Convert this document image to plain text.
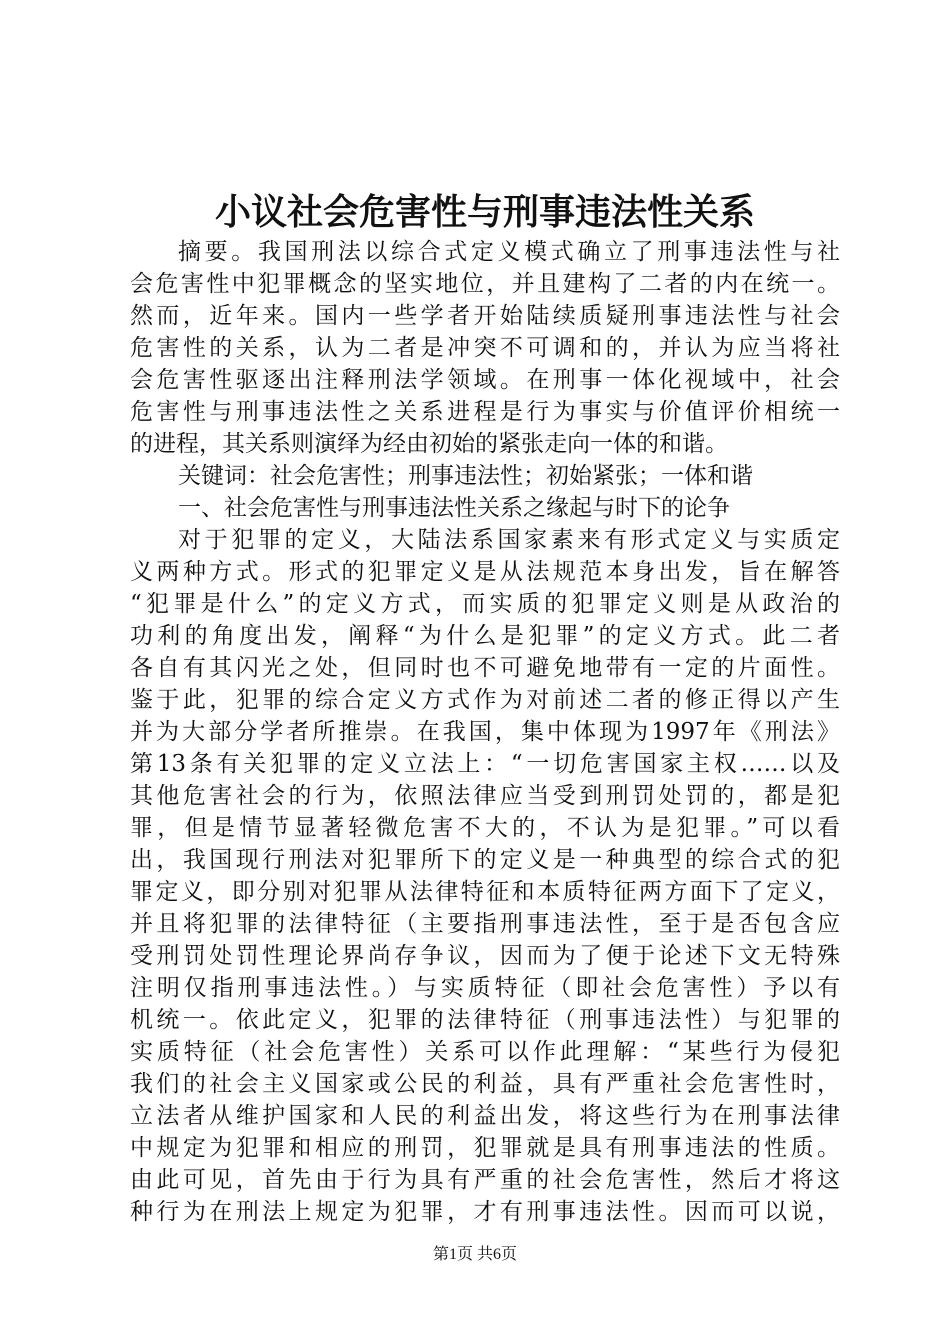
小议社会危害性与刑事违法性关系
摘要。我国刑法以综合式定义模式确立了刑事违法性与社
会危害性中犯罪概念的坚实地位，并且建构了二者的内在统一。
然而，近年来。国内一些学者开始陆续质疑刑事违法性与社会
危害性的关系，认为二者是冲突不可调和的，并认为应当将社
会危害性驱逐出注释刑法学领域。在刑事一体化视域中，社会
危害性与刑事违法性之关系进程是行为事实与价值评价相统一
的进程，其关系则演绎为经由初始的紧张走向一体的和谐。
关键词：社会危害性；刑事违法性；初始紧张；一体和谐
一、社会危害性与刑事违法性关系之缘起与时下的论争
对于犯罪的定义，大陆法系国家素来有形式定义与实质定
义两种方式。形式的犯罪定义是从法规范本身出发，旨在解答
“犯罪是什么”的定义方式，而实质的犯罪定义则是从政治的
功利的角度出发，阐释“为什么是犯罪”的定义方式。此二者
各自有其闪光之处，但同时也不可避免地带有一定的片面性。
鉴于此，犯罪的综合定义方式作为对前述二者的修正得以产生
并为大部分学者所推崇。在我国，集中体现为1997年《刑法》
第13条有关犯罪的定义立法上：“一切危害国家主权……以及
其他危害社会的行为，依照法律应当受到刑罚处罚的，都是犯
罪，但是情节显著轻微危害不大的，不认为是犯罪。”可以看
出，我国现行刑法对犯罪所下的定义是一种典型的综合式的犯
罪定义，即分别对犯罪从法律特征和本质特征两方面下了定义，
并且将犯罪的法律特征（主要指刑事违法性，至于是否包含应
受刑罚处罚性理论界尚存争议，因而为了便于论述下文无特殊
注明仅指刑事违法性。）与实质特征（即社会危害性）予以有
机统一。依此定义，犯罪的法律特征（刑事违法性）与犯罪的
实质特征（社会危害性）关系可以作此理解：“某些行为侵犯
我们的社会主义国家或公民的利益，具有严重社会危害性时，
立法者从维护国家和人民的利益出发，将这些行为在刑事法律
中规定为犯罪和相应的刑罚，犯罪就是具有刑事违法的性质。
由此可见，首先由于行为具有严重的社会危害性，然后才将这
种行为在刑法上规定为犯罪，才有刑事违法性。因而可以说，
第1页 共6页
